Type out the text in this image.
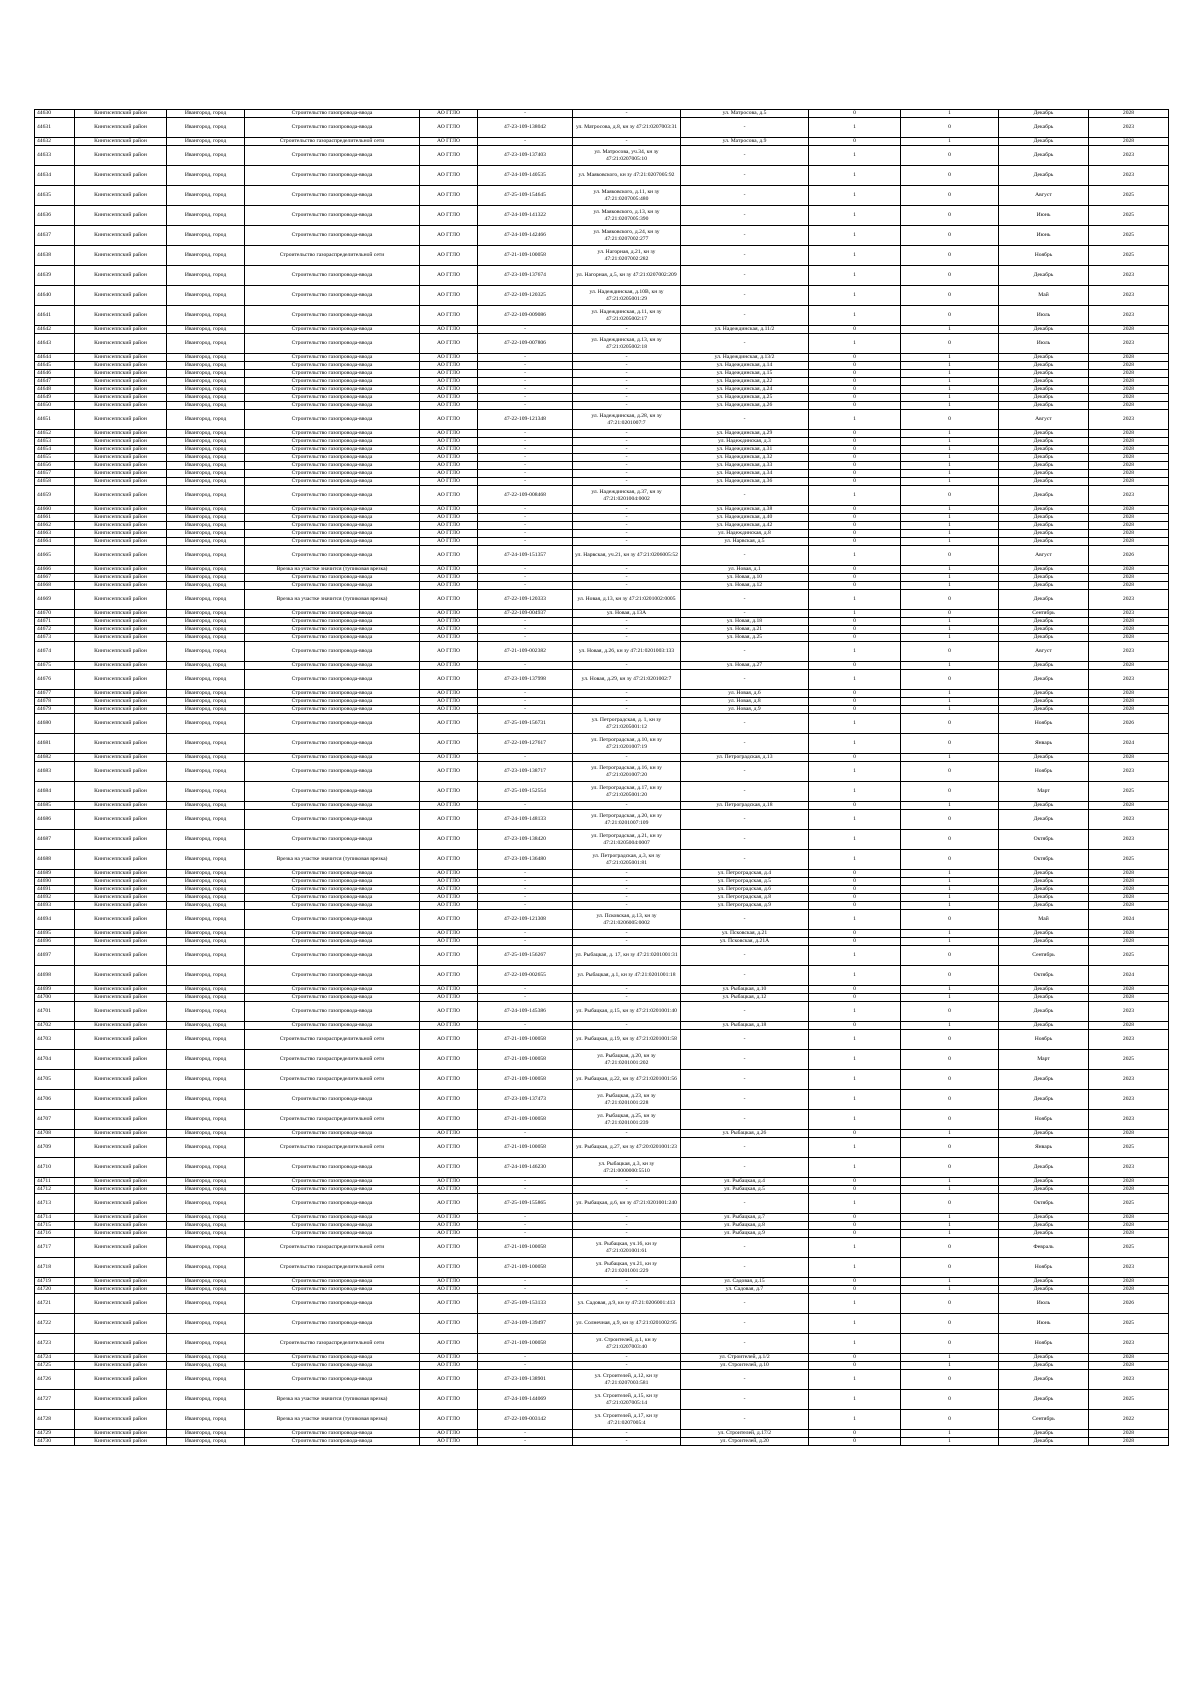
44630	Кингисеппский район	Ивангород, город	Строительство газопровода-ввода	АО ГГЛО	-	-	ул. Матросова, д.5	0	1	Декабрь	2028
44631	Кингисеппский район	Ивангород, город	Строительство газопровода-ввода	АО ГГЛО	47-23-109-138042	ул. Матросова, д.8, кн зу 47:21:0207003:31	-	1	0	Декабрь	2023
44632	Кингисеппский район	Ивангород, город	Строительство газораспределительной сети	АО ГГЛО	-	-	ул. Матросова, д.9	0	1	Декабрь	2028
44633	Кингисеппский район	Ивангород, город	Строительство газопровода-ввода	АО ГГЛО	47-23-109-137403	ул. Матросова, уч.34, кн зу 47:21:0207005:10	-	1	0	Декабрь	2023
44634	Кингисеппский район	Ивангород, город	Строительство газопровода-ввода	АО ГГЛО	47-24-109-140535	ул. Маяковского, кн зу 47:21:0207005:92	-	1	0	Декабрь	2023
44635	Кингисеппский район	Ивангород, город	Строительство газопровода-ввода	АО ГГЛО	47-25-109-154645	ул. Маяковского, д.11, кн зу 47:21:0207005:480	-	1	0	Август	2025
44636	Кингисеппский район	Ивангород, город	Строительство газопровода-ввода	АО ГГЛО	47-24-109-141322	ул. Маяковского, д.13, кн зу 47:21:0207005:390	-	1	0	Июнь	2025
44637	Кингисеппский район	Ивангород, город	Строительство газопровода-ввода	АО ГГЛО	47-24-109-142466	ул. Маяковского, д.24, кн зу 47:21:0207002:277	-	1	0	Июнь	2025
44638	Кингисеппский район	Ивангород, город	Строительство газораспределительной сети	АО ГГЛО	47-21-109-100058	ул. Нагорная, д.21, кн зу 47:21:0207002:282	-	1	0	Ноябрь	2025
44639	Кингисеппский район	Ивангород, город	Строительство газопровода-ввода	АО ГГЛО	47-23-109-137674	ул. Нагорная, д.5, кн зу 47:21:0207002:209	-	1	0	Декабрь	2023
44640	Кингисеппский район	Ивангород, город	Строительство газопровода-ввода	АО ГГЛО	47-22-109-120325	ул. Надеждинская, д.10В, кн зу 47:21:0205001:29	-	1	0	Май	2023
44641	Кингисеппский район	Ивангород, город	Строительство газопровода-ввода	АО ГГЛО	47-22-109-009086	ул. Надеждинская, д.11, кн зу 47:21:0205002:17	-	1	0	Июль	2023
44642	Кингисеппский район	Ивангород, город	Строительство газопровода-ввода	АО ГГЛО	-	-	ул. Надеждинская, д.11/2	0	1	Декабрь	2028
44643	Кингисеппский район	Ивангород, город	Строительство газопровода-ввода	АО ГГЛО	47-22-109-007806	ул. Надеждинская, д.13, кн зу 47:21:0205002:18	-	1	0	Июль	2023
44644	Кингисеппский район	Ивангород, город	Строительство газопровода-ввода	АО ГГЛО	-	-	ул. Надеждинская, д.13/2	0	1	Декабрь	2028
44645	Кингисеппский район	Ивангород, город	Строительство газопровода-ввода	АО ГГЛО	-	-	ул. Надеждинская, д.14	0	1	Декабрь	2028
44646	Кингисеппский район	Ивангород, город	Строительство газопровода-ввода	АО ГГЛО	-	-	ул. Надеждинская, д.15	0	1	Декабрь	2028
44647	Кингисеппский район	Ивангород, город	Строительство газопровода-ввода	АО ГГЛО	-	-	ул. Надеждинская, д.22	0	1	Декабрь	2028
44648	Кингисеппский район	Ивангород, город	Строительство газопровода-ввода	АО ГГЛО	-	-	ул. Надеждинская, д.24	0	1	Декабрь	2028
44649	Кингисеппский район	Ивангород, город	Строительство газопровода-ввода	АО ГГЛО	-	-	ул. Надеждинская, д.25	0	1	Декабрь	2028
44650	Кингисеппский район	Ивангород, город	Строительство газопровода-ввода	АО ГГЛО	-	-	ул. Надеждинская, д.26	0	1	Декабрь	2028
44651	Кингисеппский район	Ивангород, город	Строительство газопровода-ввода	АО ГГЛО	47-22-109-121348	ул. Надеждинская, д.28, кн зу 47:21:0201007:7	-	1	0	Август	2023
44652	Кингисеппский район	Ивангород, город	Строительство газопровода-ввода	АО ГГЛО	-	-	ул. Надеждинская, д.29	0	1	Декабрь	2028
44653	Кингисеппский район	Ивангород, город	Строительство газопровода-ввода	АО ГГЛО	-	-	ул. Надеждинская, д.3	0	1	Декабрь	2028
44654	Кингисеппский район	Ивангород, город	Строительство газопровода-ввода	АО ГГЛО	-	-	ул. Надеждинская, д.31	0	1	Декабрь	2028
44655	Кингисеппский район	Ивангород, город	Строительство газопровода-ввода	АО ГГЛО	-	-	ул. Надеждинская, д.32	0	1	Декабрь	2028
44656	Кингисеппский район	Ивангород, город	Строительство газопровода-ввода	АО ГГЛО	-	-	ул. Надеждинская, д.33	0	1	Декабрь	2028
44657	Кингисеппский район	Ивангород, город	Строительство газопровода-ввода	АО ГГЛО	-	-	ул. Надеждинская, д.34	0	1	Декабрь	2028
44658	Кингисеппский район	Ивангород, город	Строительство газопровода-ввода	АО ГГЛО	-	-	ул. Надеждинская, д.36	0	1	Декабрь	2028
44659	Кингисеппский район	Ивангород, город	Строительство газопровода-ввода	АО ГГЛО	47-22-109-008468	ул. Надеждинская, д.37, кн зу 47:21:0201004:0002	-	1	0	Декабрь	2023
44660	Кингисеппский район	Ивангород, город	Строительство газопровода-ввода	АО ГГЛО	-	-	ул. Надеждинская, д.38	0	1	Декабрь	2028
44661	Кингисеппский район	Ивангород, город	Строительство газопровода-ввода	АО ГГЛО	-	-	ул. Надеждинская, д.40	0	1	Декабрь	2028
44662	Кингисеппский район	Ивангород, город	Строительство газопровода-ввода	АО ГГЛО	-	-	ул. Надеждинская, д.42	0	1	Декабрь	2028
44663	Кингисеппский район	Ивангород, город	Строительство газопровода-ввода	АО ГГЛО	-	-	ул. Надеждинская, д.8	0	1	Декабрь	2028
44664	Кингисеппский район	Ивангород, город	Строительство газопровода-ввода	АО ГГЛО	-	-	ул. Нарвская, д.5	0	1	Декабрь	2028
44665	Кингисеппский район	Ивангород, город	Строительство газопровода-ввода	АО ГГЛО	47-24-109-151357	ул. Нарвская, уч.21, кн зу 47:21:0206005:52	-	1	0	Август	2026
44666	Кингисеппский район	Ивангород, город	Врезка на участке значится (тупиковая врезка)	АО ГГЛО	-	-	ул. Новая, д.1	0	1	Декабрь	2028
44667	Кингисеппский район	Ивангород, город	Строительство газопровода-ввода	АО ГГЛО	-	-	ул. Новая, д.10	0	1	Декабрь	2028
44668	Кингисеппский район	Ивангород, город	Строительство газопровода-ввода	АО ГГЛО	-	-	ул. Новая, д.12	0	1	Декабрь	2028
44669	Кингисеппский район	Ивангород, город	Врезка на участке значится (тупиковая врезка)	АО ГГЛО	47-22-109-120333	ул. Новая, д.13, кн зу 47:21:0201002:0005	-	1	0	Декабрь	2023
44670	Кингисеппский район	Ивангород, город	Строительство газопровода-ввода	АО ГГЛО	47-22-109-004937	ул. Новая, д.13А	-	1	0	Сентябрь	2023
44671	Кингисеппский район	Ивангород, город	Строительство газопровода-ввода	АО ГГЛО	-	-	ул. Новая, д.18	0	1	Декабрь	2028
44672	Кингисеппский район	Ивангород, город	Строительство газопровода-ввода	АО ГГЛО	-	-	ул. Новая, д.21	0	1	Декабрь	2028
44673	Кингисеппский район	Ивангород, город	Строительство газопровода-ввода	АО ГГЛО	-	-	ул. Новая, д.25	0	1	Декабрь	2028
44674	Кингисеппский район	Ивангород, город	Строительство газопровода-ввода	АО ГГЛО	47-21-109-002382	ул. Новая, д.26, кн зу 47:21:0201003:133	-	1	0	Август	2023
44675	Кингисеппский район	Ивангород, город	Строительство газопровода-ввода	АО ГГЛО	-	-	ул. Новая, д.27	0	1	Декабрь	2028
44676	Кингисеппский район	Ивангород, город	Строительство газопровода-ввода	АО ГГЛО	47-23-109-137998	ул. Новая, д.29, кн зу 47:21:0201002:7	-	1	0	Декабрь	2023
44677	Кингисеппский район	Ивангород, город	Строительство газопровода-ввода	АО ГГЛО	-	-	ул. Новая, д.6	0	1	Декабрь	2028
44678	Кингисеппский район	Ивангород, город	Строительство газопровода-ввода	АО ГГЛО	-	-	ул. Новая, д.8	0	1	Декабрь	2028
44679	Кингисеппский район	Ивангород, город	Строительство газопровода-ввода	АО ГГЛО	-	-	ул. Новая, д.9	0	1	Декабрь	2028
44680	Кингисеппский район	Ивангород, город	Строительство газопровода-ввода	АО ГГЛО	47-25-109-156731	ул. Петроградская, д. 1, кн зу 47:21:0205001:12	-	1	0	Ноябрь	2026
44681	Кингисеппский район	Ивангород, город	Строительство газопровода-ввода	АО ГГЛО	47-22-109-127617	ул. Петроградская, д.10, кн зу 47:21:0201007:19	-	1	0	Январь	2024
44682	Кингисеппский район	Ивангород, город	Строительство газопровода-ввода	АО ГГЛО	-	-	ул. Петроградская, д.13	0	1	Декабрь	2028
44683	Кингисеппский район	Ивангород, город	Строительство газопровода-ввода	АО ГГЛО	47-23-109-138717	ул. Петроградская, д.16, кн зу 47:21:0201007:20	-	1	0	Ноябрь	2023
44684	Кингисеппский район	Ивангород, город	Строительство газопровода-ввода	АО ГГЛО	47-25-109-152554	ул. Петроградская, д.17, кн зу 47:21:0205001:20	-	1	0	Март	2025
44685	Кингисеппский район	Ивангород, город	Строительство газопровода-ввода	АО ГГЛО	-	-	ул. Петроградская, д.18	0	1	Декабрь	2028
44686	Кингисеппский район	Ивангород, город	Строительство газопровода-ввода	АО ГГЛО	47-24-109-148133	ул. Петроградская, д.20, кн зу 47:21:0201007:109	-	1	0	Декабрь	2023
44687	Кингисеппский район	Ивангород, город	Строительство газопровода-ввода	АО ГГЛО	47-23-109-138420	ул. Петроградская, д.21, кн зу 47:21:0205004:0007	-	1	0	Октябрь	2023
44688	Кингисеппский район	Ивангород, город	Врезка на участке значится (тупиковая врезка)	АО ГГЛО	47-23-109-136480	ул. Петроградская, д.3, кн зу 47:21:0205001:81	-	1	0	Октябрь	2025
44689	Кингисеппский район	Ивангород, город	Строительство газопровода-ввода	АО ГГЛО	-	-	ул. Петроградская, д.4	0	1	Декабрь	2028
44690	Кингисеппский район	Ивангород, город	Строительство газопровода-ввода	АО ГГЛО	-	-	ул. Петроградская, д.5	0	1	Декабрь	2028
44691	Кингисеппский район	Ивангород, город	Строительство газопровода-ввода	АО ГГЛО	-	-	ул. Петроградская, д.6	0	1	Декабрь	2028
44692	Кингисеппский район	Ивангород, город	Строительство газопровода-ввода	АО ГГЛО	-	-	ул. Петроградская, д.8	0	1	Декабрь	2028
44693	Кингисеппский район	Ивангород, город	Строительство газопровода-ввода	АО ГГЛО	-	-	ул. Петроградская, д.9	0	1	Декабрь	2028
44694	Кингисеппский район	Ивангород, город	Строительство газопровода-ввода	АО ГГЛО	47-22-109-121308	ул. Псковская, д.13, кн зу 47:21:0206005:0002	-	1	0	Май	2024
44695	Кингисеппский район	Ивангород, город	Строительство газопровода-ввода	АО ГГЛО	-	-	ул. Псковская, д.21	0	1	Декабрь	2028
44696	Кингисеппский район	Ивангород, город	Строительство газопровода-ввода	АО ГГЛО	-	-	ул. Псковская, д.21А	0	1	Декабрь	2028
44697	Кингисеппский район	Ивангород, город	Строительство газопровода-ввода	АО ГГЛО	47-25-109-156267	ул. Рыбацкая, д. 17, кн зу 47:21:0201001:31	-	1	0	Сентябрь	2025
44698	Кингисеппский район	Ивангород, город	Строительство газопровода-ввода	АО ГГЛО	47-22-109-002655	ул. Рыбацкая, д.1, кн зу 47:21:0201001:18	-	1	0	Октябрь	2024
44699	Кингисеппский район	Ивангород, город	Строительство газопровода-ввода	АО ГГЛО	-	-	ул. Рыбацкая, д.10	0	1	Декабрь	2028
44700	Кингисеппский район	Ивангород, город	Строительство газопровода-ввода	АО ГГЛО	-	-	ул. Рыбацкая, д.12	0	1	Декабрь	2028
44701	Кингисеппский район	Ивангород, город	Строительство газопровода-ввода	АО ГГЛО	47-24-109-145386	ул. Рыбацкая, д.15, кн зу 47:21:0201001:40	-	1	0	Декабрь	2023
44702	Кингисеппский район	Ивангород, город	Строительство газопровода-ввода	АО ГГЛО	-	-	ул. Рыбацкая, д.18	0	1	Декабрь	2028
44703	Кингисеппский район	Ивангород, город	Строительство газораспределительной сети	АО ГГЛО	47-21-109-100058	ул. Рыбацкая, д.19, кн зу 47:21:0201001:58	-	1	0	Ноябрь	2023
44704	Кингисеппский район	Ивангород, город	Строительство газораспределительной сети	АО ГГЛО	47-21-109-100058	ул. Рыбацкая, д.20, кн зу 47:21:0201001:202	-	1	0	Март	2025
44705	Кингисеппский район	Ивангород, город	Строительство газораспределительной сети	АО ГГЛО	47-21-109-100058	ул. Рыбацкая, д.22, кн зу 47:21:0201001:56	-	1	0	Декабрь	2023
44706	Кингисеппский район	Ивангород, город	Строительство газопровода-ввода	АО ГГЛО	47-23-109-137473	ул. Рыбацкая, д.23, кн зу 47:21:0201001:228	-	1	0	Декабрь	2023
44707	Кингисеппский район	Ивангород, город	Строительство газораспределительной сети	АО ГГЛО	47-21-109-100058	ул. Рыбацкая, д.25, кн зу 47:21:0201001:239	-	1	0	Ноябрь	2023
44708	Кингисеппский район	Ивангород, город	Строительство газопровода-ввода	АО ГГЛО	-	-	ул. Рыбацкая, д.26	0	1	Декабрь	2028
44709	Кингисеппский район	Ивангород, город	Строительство газораспределительной сети	АО ГГЛО	47-21-109-100058	ул. Рыбацкая, д.27, кн зу 47:20:0201001:23	-	1	0	Январь	2025
44710	Кингисеппский район	Ивангород, город	Строительство газопровода-ввода	АО ГГЛО	47-24-109-146230	ул. Рыбацкая, д.3, кн зу 47:21:0000000:5510	-	1	0	Декабрь	2023
44711	Кингисеппский район	Ивангород, город	Строительство газопровода-ввода	АО ГГЛО	-	-	ул. Рыбацкая, д.4	0	1	Декабрь	2028
44712	Кингисеппский район	Ивангород, город	Строительство газопровода-ввода	АО ГГЛО	-	-	ул. Рыбацкая, д.5	0	1	Декабрь	2028
44713	Кингисеппский район	Ивангород, город	Строительство газопровода-ввода	АО ГГЛО	47-25-109-155865	ул. Рыбацкая, д.6, кн зу 47:21:0201001:240	-	1	0	Октябрь	2025
44714	Кингисеппский район	Ивангород, город	Строительство газопровода-ввода	АО ГГЛО	-	-	ул. Рыбацкая, д.7	0	1	Декабрь	2028
44715	Кингисеппский район	Ивангород, город	Строительство газопровода-ввода	АО ГГЛО	-	-	ул. Рыбацкая, д.8	0	1	Декабрь	2028
44716	Кингисеппский район	Ивангород, город	Строительство газопровода-ввода	АО ГГЛО	-	-	ул. Рыбацкая, д.9	0	1	Декабрь	2028
44717	Кингисеппский район	Ивангород, город	Строительство газораспределительной сети	АО ГГЛО	47-21-109-100058	ул. Рыбацкая, уч.16, кн зу 47:21:0201001:61	-	1	0	Февраль	2025
44718	Кингисеппский район	Ивангород, город	Строительство газораспределительной сети	АО ГГЛО	47-21-109-100058	ул. Рыбацкая, уч.21, кн зу 47:21:0201001:229	-	1	0	Ноябрь	2023
44719	Кингисеппский район	Ивангород, город	Строительство газопровода-ввода	АО ГГЛО	-	-	ул. Садовая, д.15	0	1	Декабрь	2028
44720	Кингисеппский район	Ивангород, город	Строительство газопровода-ввода	АО ГГЛО	-	-	ул. Садовая, д.7	0	1	Декабрь	2028
44721	Кингисеппский район	Ивангород, город	Строительство газопровода-ввода	АО ГГЛО	47-25-109-153133	ул. Садовая, д.9, кн зу 47:21:0206001:413	-	1	0	Июль	2026
44722	Кингисеппский район	Ивангород, город	Строительство газопровода-ввода	АО ГГЛО	47-24-109-139497	ул. Солнечная, д.9, кн зу 47:21:0201002:95	-	1	0	Июнь	2025
44723	Кингисеппский район	Ивангород, город	Строительство газораспределительной сети	АО ГГЛО	47-21-109-100058	ул. Строителей, д.1, кн зу 47:21:0207003:40	-	1	0	Ноябрь	2023
44724	Кингисеппский район	Ивангород, город	Строительство газопровода-ввода	АО ГГЛО	-	-	ул. Строителей, д.1/2	0	1	Декабрь	2028
44725	Кингисеппский район	Ивангород, город	Строительство газопровода-ввода	АО ГГЛО	-	-	ул. Строителей, д.10	0	1	Декабрь	2028
44726	Кингисеппский район	Ивангород, город	Строительство газопровода-ввода	АО ГГЛО	47-23-109-138901	ул. Строителей, д.12, кн зу 47:21:0207003:581	-	1	0	Декабрь	2023
44727	Кингисеппский район	Ивангород, город	Врезка на участке значится (тупиковая врезка)	АО ГГЛО	47-24-109-144069	ул. Строителей, д.15, кн зу 47:21:0207005:14	-	1	0	Декабрь	2025
44728	Кингисеппский район	Ивангород, город	Врезка на участке значится (тупиковая врезка)	АО ГГЛО	47-22-109-003142	ул. Строителей, д.17, кн зу 47:21:0207005:4	-	1	0	Сентябрь	2022
44729	Кингисеппский район	Ивангород, город	Строительство газопровода-ввода	АО ГГЛО	-	-	ул. Строителей, д.17/2	0	1	Декабрь	2028
44730	Кингисеппский район	Ивангород, город	Строительство газопровода-ввода	АО ГГЛО	-	-	ул. Строителей, д.20	0	1	Декабрь	2028
